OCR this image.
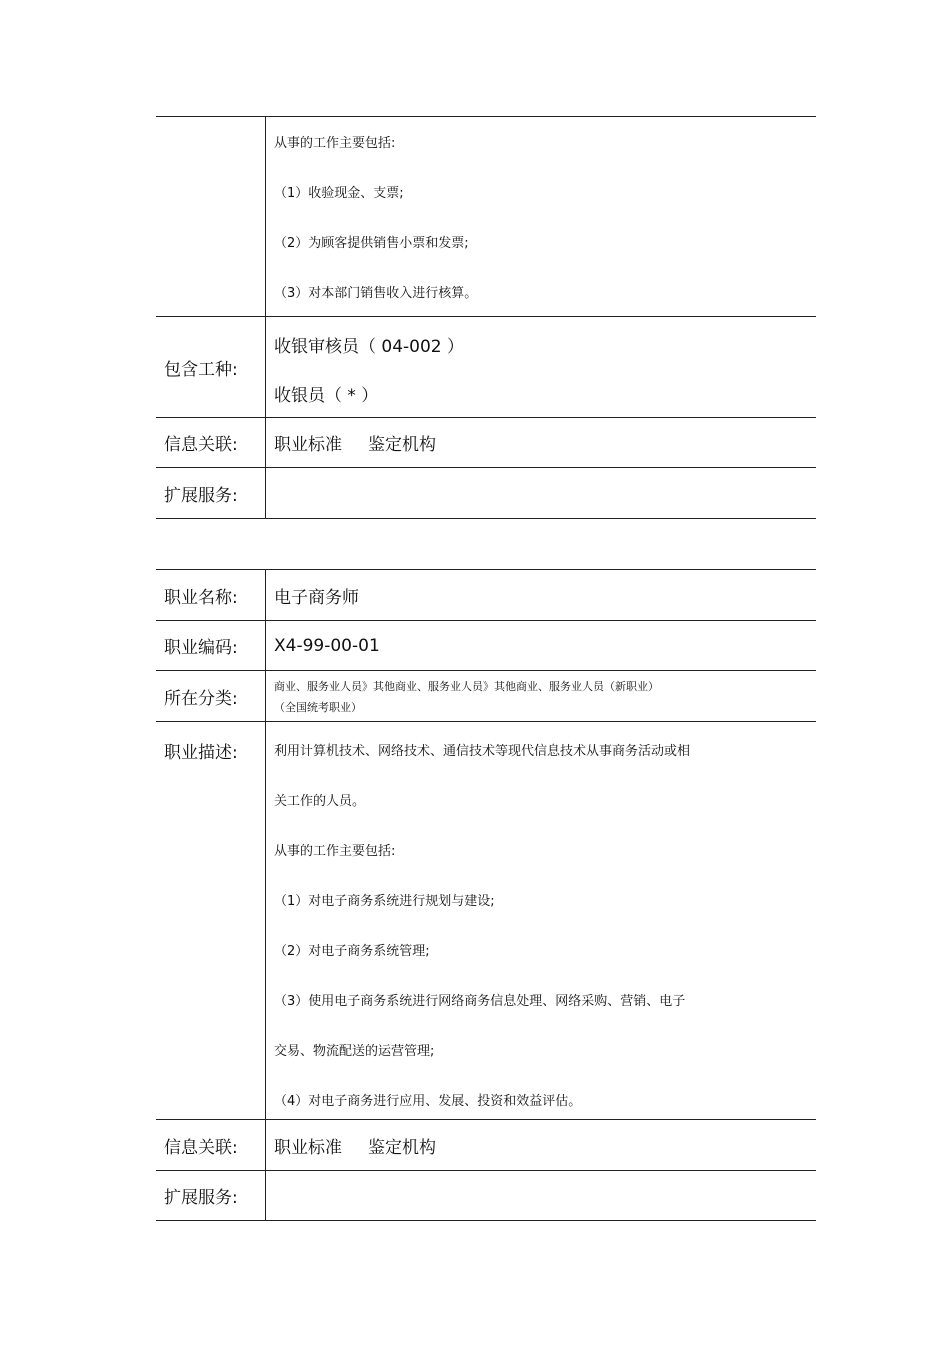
从事的工作主要包括:
（1）收验现金、支票;
（2）为顾客提供销售小票和发票;
（3）对本部门销售收入进行核算。
包含工种:
收银审核员（ 04-002 ）
收银员（ * ）
信息关联:	职业标准 鉴定机构
扩展服务:
职业名称:	电子商务师
职业编码:	X4-99-00-01
所在分类:
商业、服务业人员》其他商业、服务业人员》其他商业、服务业人员（新职业）
（全国统考职业）
职业描述:	利用计算机技术、网络技术、通信技术等现代信息技术从事商务活动或相
关工作的人员。
从事的工作主要包括:
（1）对电子商务系统进行规划与建设;
（2）对电子商务系统管理;
（3）使用电子商务系统进行网络商务信息处理、网络采购、营销、电子
交易、物流配送的运营管理;
（4）对电子商务进行应用、发展、投资和效益评估。
信息关联:	职业标准 鉴定机构
扩展服务:
